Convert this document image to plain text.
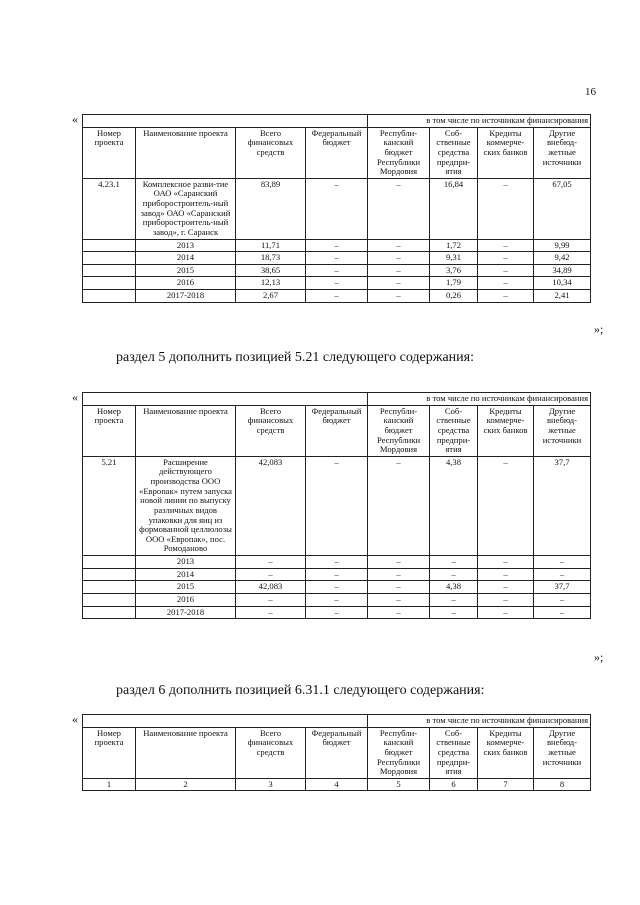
16
«
				в том числе по источникам финансирования			
Номер проекта	Наименование проекта	Всего финансовых средств	Федеральный бюджет	Республи-канский бюджет Республики Мордовия	Соб-ственные средства предпри-ятия	Кредиты коммерче-ских банков	Другие внебюд-жетные источники
4.23.1	Комплексное разви-тие ОАО «Саранский приборостроитель-ный завод» ОАО «Саранский приборостроитель-ный завод», г. Саранск	83,89	–	–	16,84	–	67,05
	2013	11,71	–	–	1,72	–	9,99
	2014	18,73	–	–	9,31	–	9,42
	2015	38,65	–	–	3,76	–	34,89
	2016	12,13	–	–	1,79	–	10,34
	2017-2018	2,67	–	–	0,26	–	2,41
»;
раздел 5 дополнить позицией 5.21 следующего содержания:
«
				в том числе по источникам финансирования			
Номер проекта	Наименование проекта	Всего финансовых средств	Федеральный бюджет	Республи-канский бюджет Республики Мордовия	Соб-ственные средства предпри-ятия	Кредиты коммерче-ских банков	Другие внебюд-жетные источники
5.21	Расширение действующего производства ООО «Европак» путем запуска новой линии по выпуску различных видов упаковки для яиц из формованной целлюлозы ООО «Европак», пос. Ромоданово	42,083	–	–	4,38	–	37,7
	2013	–	–	–	–	–	–
	2014	–	–	–	–	–	–
	2015	42,083	–	–	4,38	–	37,7
	2016	–	–	–	–	–	–
	2017-2018	–	–	–	–	–	–
»;
раздел 6 дополнить позицией 6.31.1 следующего содержания:
«
				в том числе по источникам финансирования			
Номер проекта	Наименование проекта	Всего финансовых средств	Федеральный бюджет	Республи-канский бюджет Республики Мордовия	Соб-ственные средства предпри-ятия	Кредиты коммерче-ских банков	Другие внебюд-жетные источники
1	2	3	4	5	6	7	8
